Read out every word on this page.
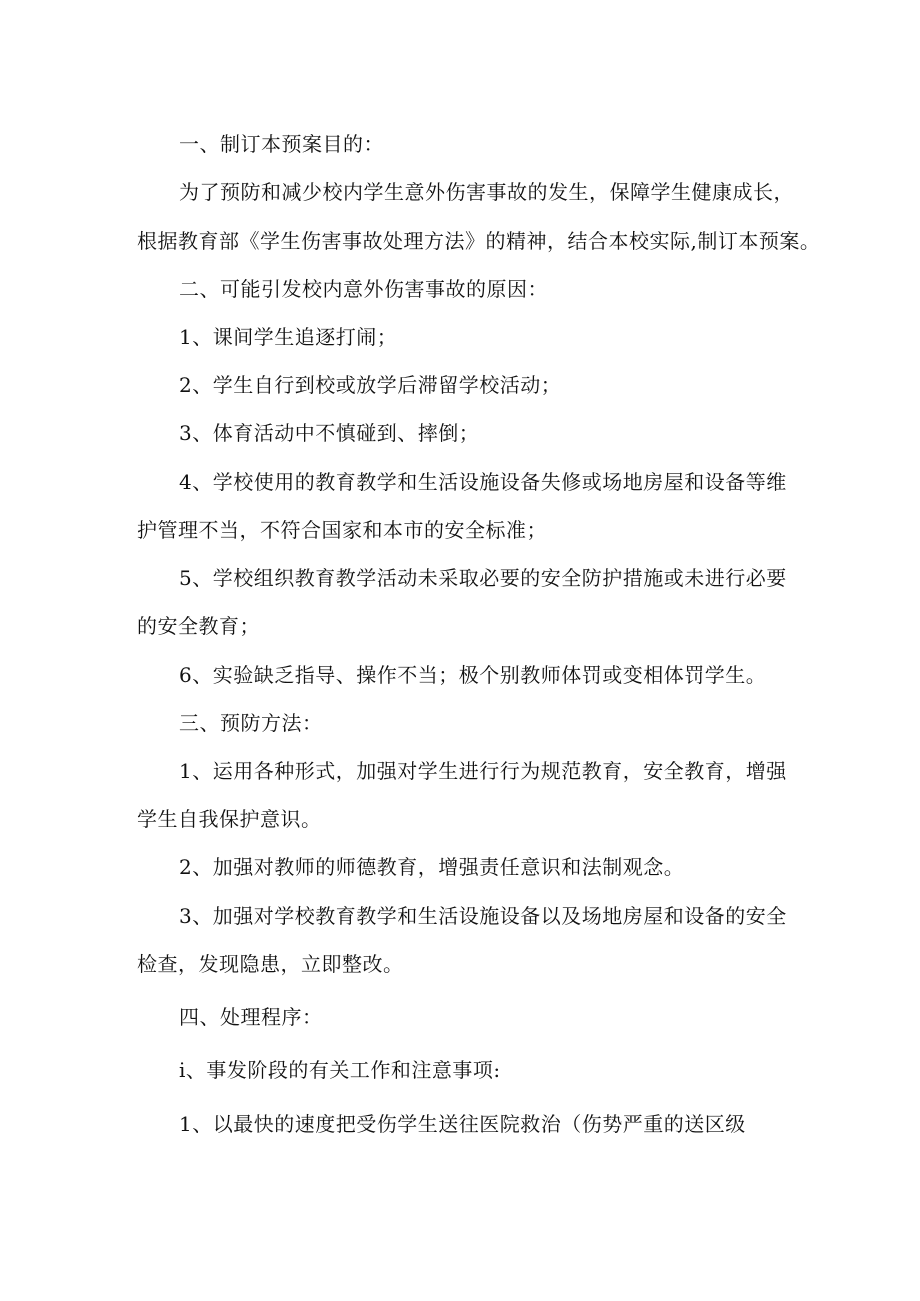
一、制订本预案目的：
为了预防和减少校内学生意外伤害事故的发生，保障学生健康成长，
根据教育部《学生伤害事故处理方法》的精神，结合本校实际,制订本预案。
二、可能引发校内意外伤害事故的原因：
1、课间学生追逐打闹；
2、学生自行到校或放学后滞留学校活动；
3、体育活动中不慎碰到、摔倒；
4、学校使用的教育教学和生活设施设备失修或场地房屋和设备等维
护管理不当，不符合国家和本市的安全标准；
5、学校组织教育教学活动未采取必要的安全防护措施或未进行必要
的安全教育；
6、实验缺乏指导、操作不当；极个别教师体罚或变相体罚学生。
三、预防方法：
1、运用各种形式，加强对学生进行行为规范教育，安全教育，增强
学生自我保护意识。
2、加强对教师的师德教育，增强责任意识和法制观念。
3、加强对学校教育教学和生活设施设备以及场地房屋和设备的安全
检查，发现隐患，立即整改。
四、处理程序：
i、事发阶段的有关工作和注意事项:
1、以最快的速度把受伤学生送往医院救治（伤势严重的送区级
